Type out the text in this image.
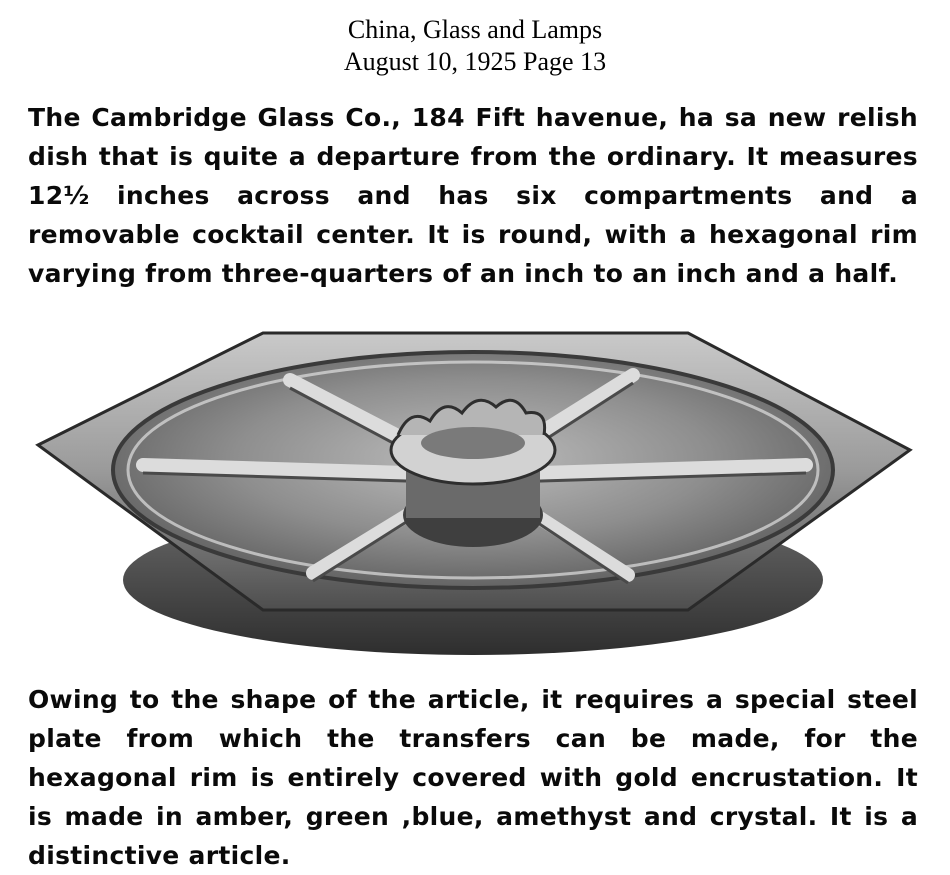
China, Glass and Lamps
August 10, 1925 Page 13
The Cambridge Glass Co., 184 Fift havenue, ha sa new relish dish that is quite a departure from the ordinary. It measures 12½ inches across and has six compartments and a removable cocktail center. It is round, with a hexagonal rim varying from three-quarters of an inch to an inch and a half.
Owing to the shape of the article, it requires a special steel plate from which the transfers can be made, for the hexagonal rim is entirely covered with gold encrustation. It is made in amber, green ,blue, amethyst and crystal. It is a distinctive article.
